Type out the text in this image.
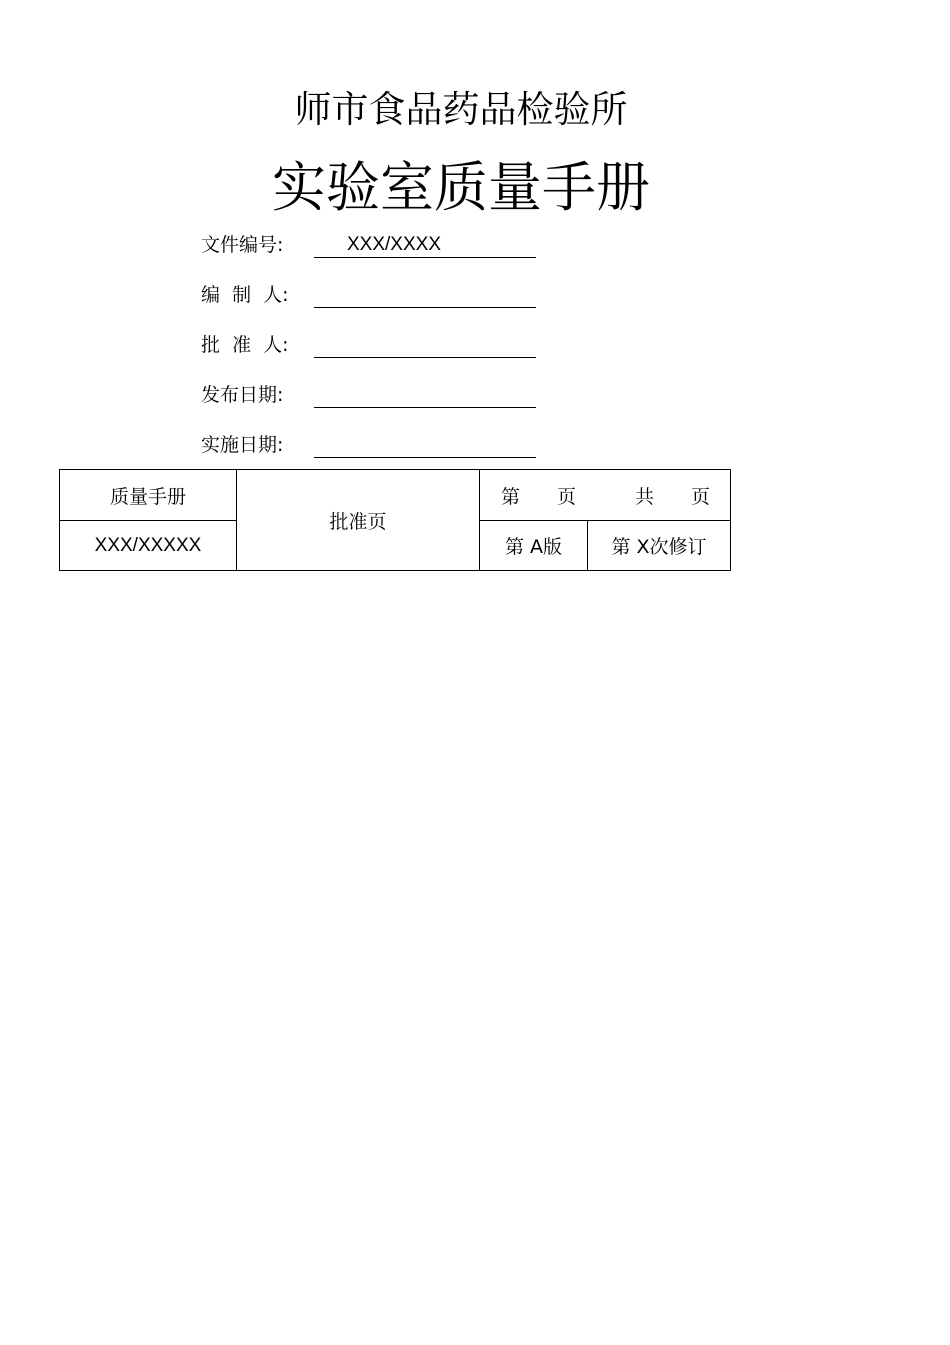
师市食品药品检验所
实验室质量手册
文件编号:	XXX/XXXX
编  制  人:
批  准  人:
发布日期:
实施日期:
质量手册	批准页	第 页 共 页	

XXX/XXXXX		第 A版	第 X次修订
